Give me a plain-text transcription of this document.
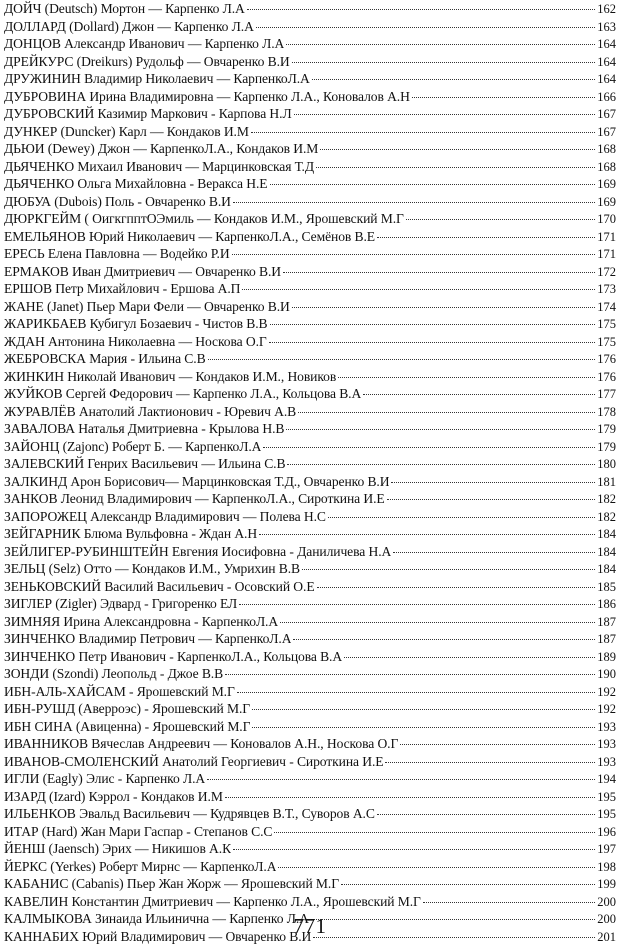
ДОЙЧ (Deutsch) Мортон — Карпенко Л.А	162
ДОЛЛАРД (Dollard) Джон — Карпенко Л.А	163
ДОНЦОВ Александр Иванович — Карпенко Л.А	164
ДРЕЙКУРС (Dreikurs) Рудольф — Овчаренко В.И	164
ДРУЖИНИН Владимир Николаевич — КарпенкоЛ.А	164
ДУБРОВИНА Ирина Владимировна — Карпенко Л.А., Коновалов А.Н	166
ДУБРОВСКИЙ Казимир Маркович - Карпова Н.Л	167
ДУНКЕР (Duncker) Карл — Кондаков И.М	167
ДЬЮИ (Dewey) Джон — КарпенкоЛ.А., Кондаков И.М	168
ДЬЯЧЕНКО Михаил Иванович — Марцинковская Т.Д	168
ДЬЯЧЕНКО Ольга Михайловна - Веракса Н.Е	169
ДЮБУА (Dubois) Поль - Овчаренко В.И	169
ДЮРКГЕЙМ ( ОигкгпптОЭмиль — Кондаков И.М., Ярошевский М.Г	170
ЕМЕЛЬЯНОВ Юрий Николаевич — КарпенкоЛ.А., Семёнов В.Е	171
ЕРЕСЬ Елена Павловна — Водейко Р.И	171
ЕРМАКОВ Иван Дмитриевич — Овчаренко В.И	172
ЕРШОВ Петр Михайлович - Ершова А.П	173
ЖАНЕ (Janet) Пьер Мари Фели — Овчаренко В.И	174
ЖАРИКБАЕВ Кубигул Бозаевич - Чистов В.В	175
ЖДАН Антонина Николаевна — Носкова О.Г	175
ЖЕБРОВСКА Мария - Ильина С.В	176
ЖИНКИН Николай Иванович — Кондаков И.М., Новиков	176
ЖУЙКОВ Сергей Федорович — Карпенко Л.А., Кольцова В.А	177
ЖУРАВЛЁВ Анатолий Лактионович - Юревич А.В	178
ЗАВАЛОВА Наталья Дмитриевна - Крылова Н.В	179
ЗАЙОНЦ (Zajonc) Роберт Б. — КарпенкоЛ.А	179
ЗАЛЕВСКИЙ Генрих Васильевич — Ильина С.В	180
ЗАЛКИНД Арон Борисович— Марцинковская Т.Д., Овчаренко В.И	181
ЗАНКОВ Леонид Владимирович — КарпенкоЛ.А., Сироткина И.Е	182
ЗАПОРОЖЕЦ Александр Владимирович — Полева Н.С	182
ЗЕЙГАРНИК Блюма Вульфовна - Ждан А.Н	184
ЗЕЙЛИГЕР-РУБИНШТЕЙН Евгения Иосифовна - Даниличева Н.А	184
ЗЕЛЬЦ (Selz) Отто — Кондаков И.М., Умрихин В.В	184
ЗЕНЬКОВСКИЙ Василий Васильевич - Осовский О.Е	185
ЗИГЛЕР (Zigler) Эдвард - Григоренко ЕЛ	186
ЗИМНЯЯ Ирина Александровна - КарпенкоЛ.А	187
ЗИНЧЕНКО Владимир Петрович — КарпенкоЛ.А	187
ЗИНЧЕНКО Петр Иванович - КарпенкоЛ.А., Кольцова В.А	189
ЗОНДИ (Szondi) Леопольд - Джое В.В	190
ИБН-АЛЬ-ХАЙСАМ - Ярошевский М.Г	192
ИБН-РУШД (Аверроэс) - Ярошевский М.Г	192
ИБН СИНА (Авиценна) - Ярошевский М.Г	193
ИВАННИКОВ Вячеслав Андреевич — Коновалов А.Н., Носкова О.Г	193
ИВАНОВ-СМОЛЕНСКИЙ Анатолий Георгиевич - Сироткина И.Е	193
ИГЛИ (Eagly) Элис - Карпенко Л.А	194
ИЗАРД (Izard) Кэррол - Кондаков И.М	195
ИЛЬЕНКОВ Эвальд Васильевич — Кудрявцев В.Т., Суворов А.С	195
ИТАР (Hard) Жан Мари Гаспар - Степанов С.С	196
ЙЕНШ (Jaensch) Эрих — Никишов А.К	197
ЙЕРКС (Yerkes) Роберт Мирнс — КарпенкоЛ.А	198
КАБАНИС (Cabanis) Пьер Жан Жорж — Ярошевский М.Г	199
КАВЕЛИН Константин Дмитриевич — Карпенко Л.А., Ярошевский М.Г	200
КАЛМЫКОВА Зинаида Ильинична — Карпенко Л.А	200
КАННАБИХ Юрий Владимирович — Овчаренко В.И	201
771
